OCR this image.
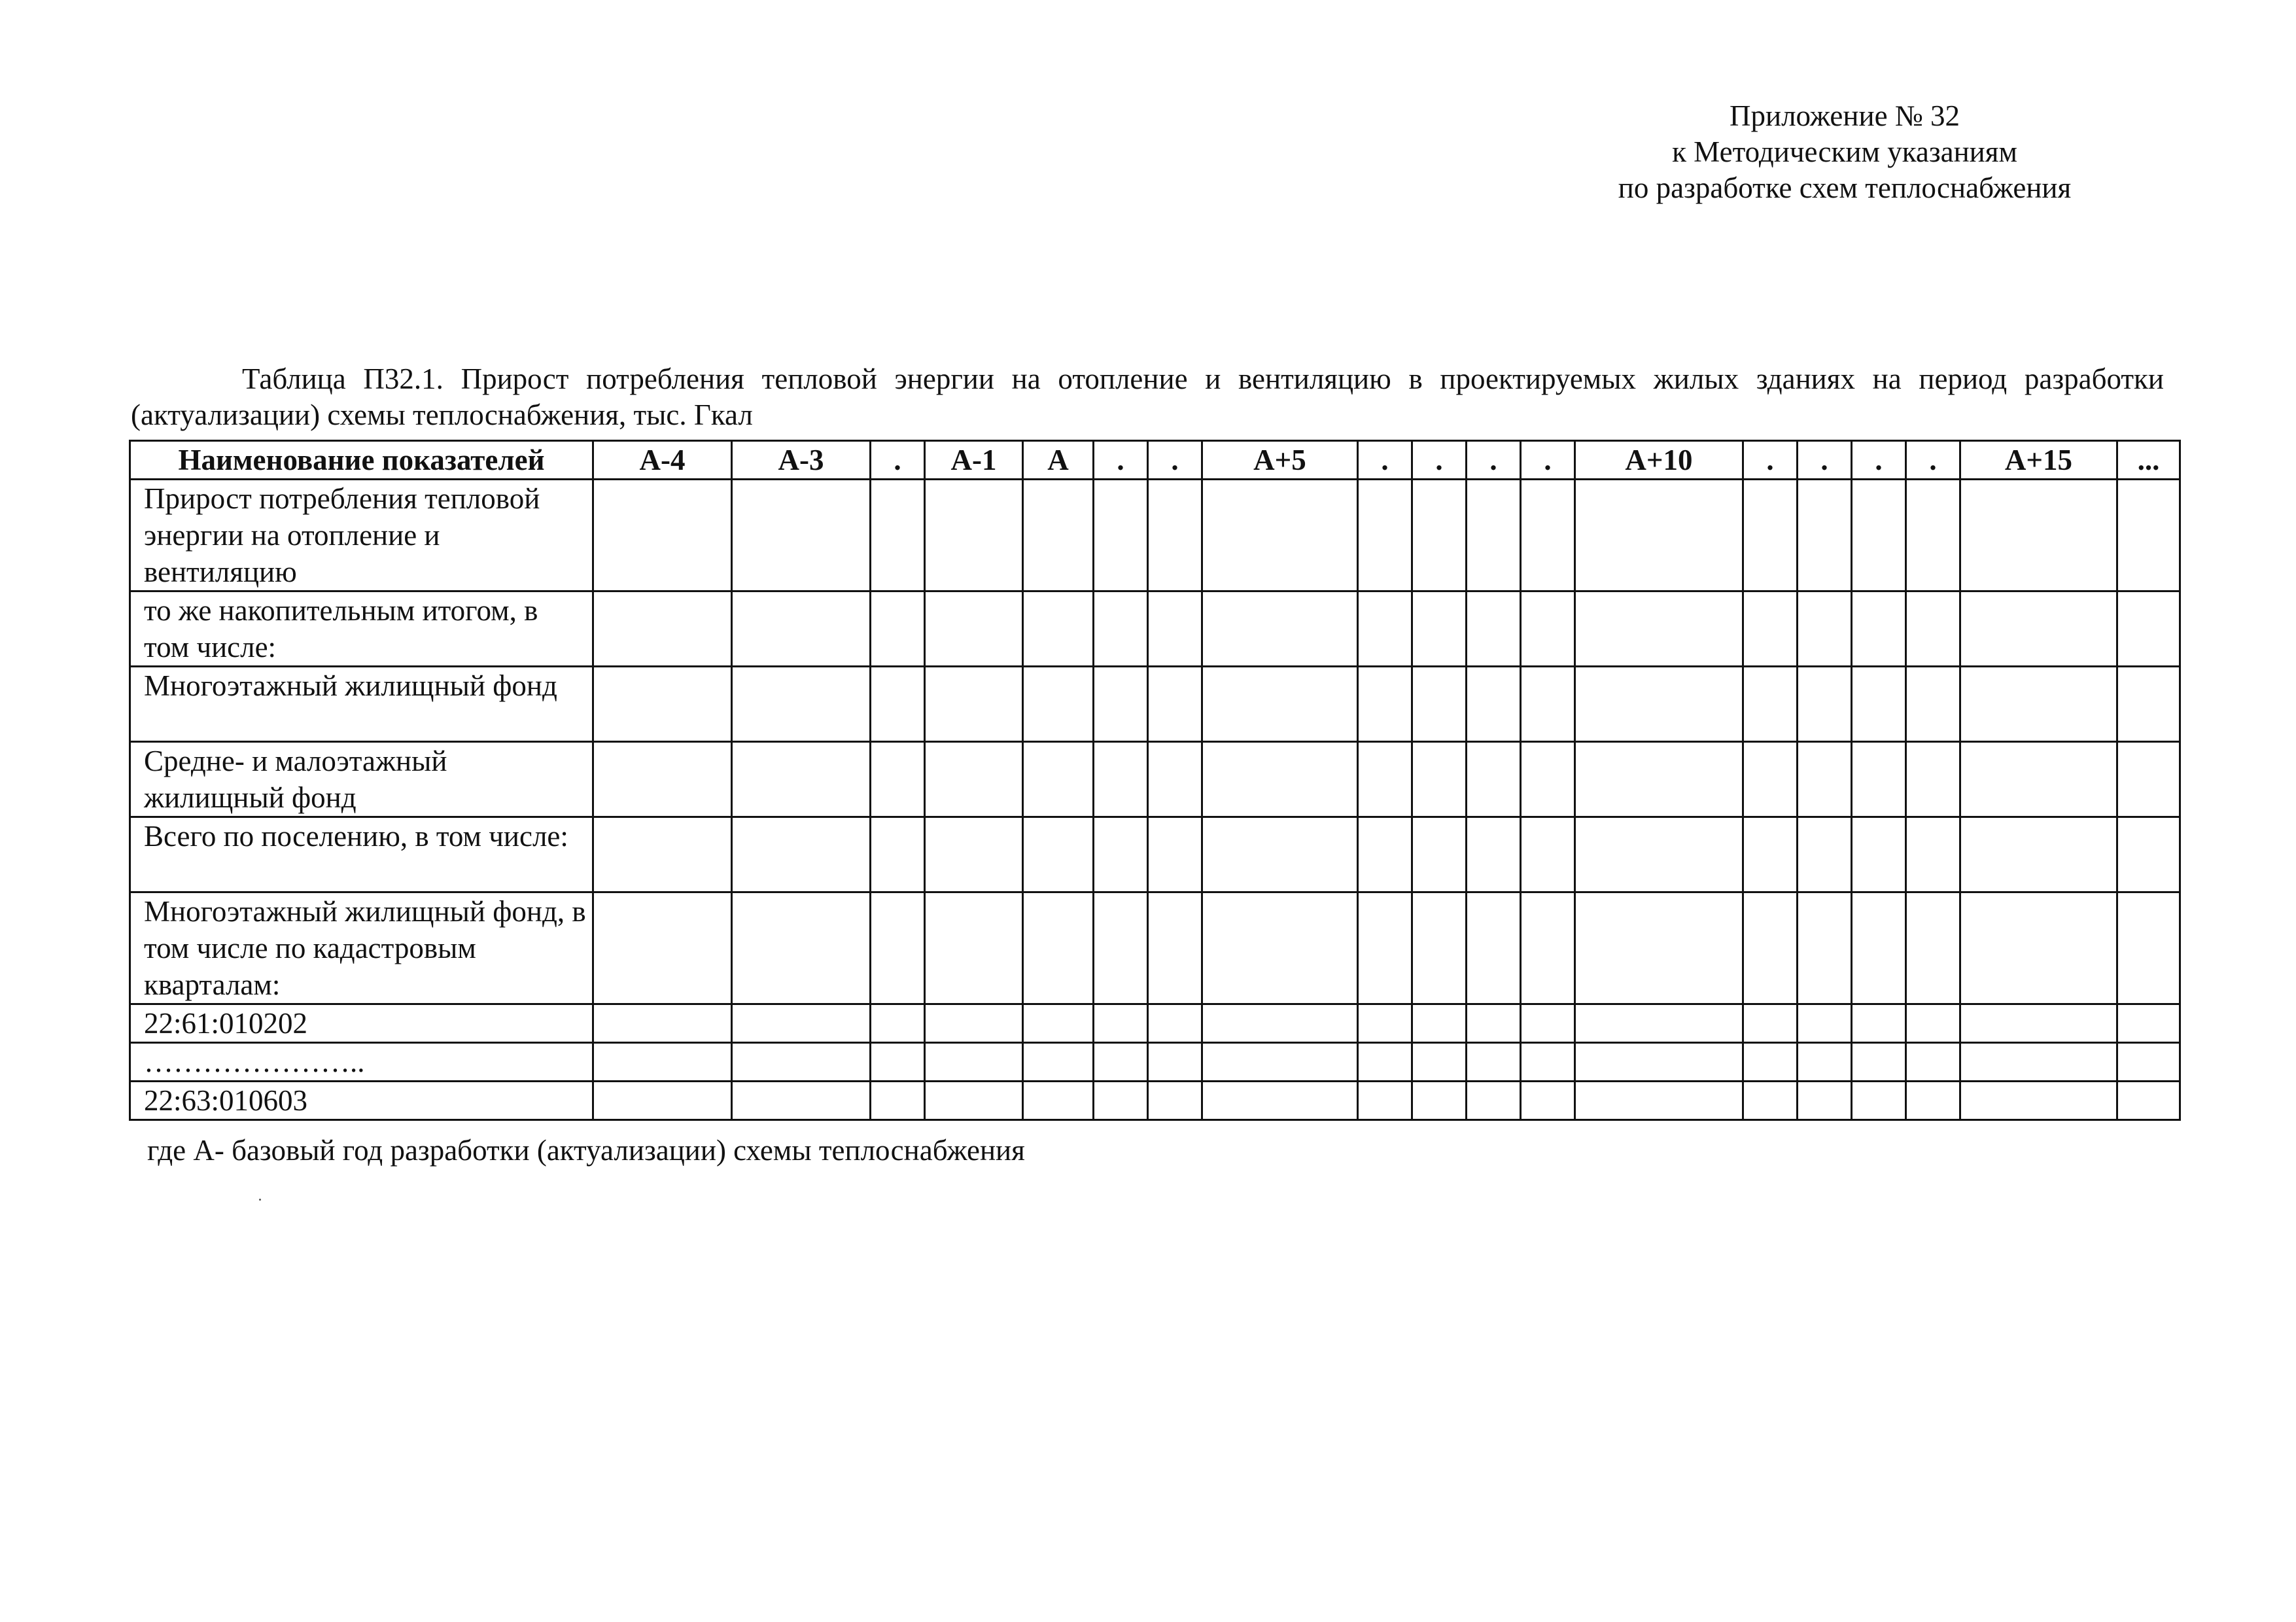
Приложение № 32
к Методическим указаниям
по разработке схем теплоснабжения
Таблица П32.1. Прирост потребления тепловой энергии на отопление и вентиляцию в проектируемых жилых зданиях на период разработки (актуализации) схемы теплоснабжения, тыс. Гкал
Наименование показателей	А-4	А-3	.	А-1	А	.	.	А+5	.	.	.	.	А+10	.	.	.	.	А+15	...
Прирост потребления тепловой энергии на отопление и вентиляцию																			
то же накопительным итогом, в том числе:																			
Многоэтажный жилищный фонд																			
Средне- и малоэтажный жилищный фонд																			
Всего по поселению, в том числе:																			
Многоэтажный жилищный фонд, в том числе по кадастровым кварталам:																			
22:61:010202																			
…………………..																			
22:63:010603																			
где А- базовый год разработки (актуализации) схемы теплоснабжения
